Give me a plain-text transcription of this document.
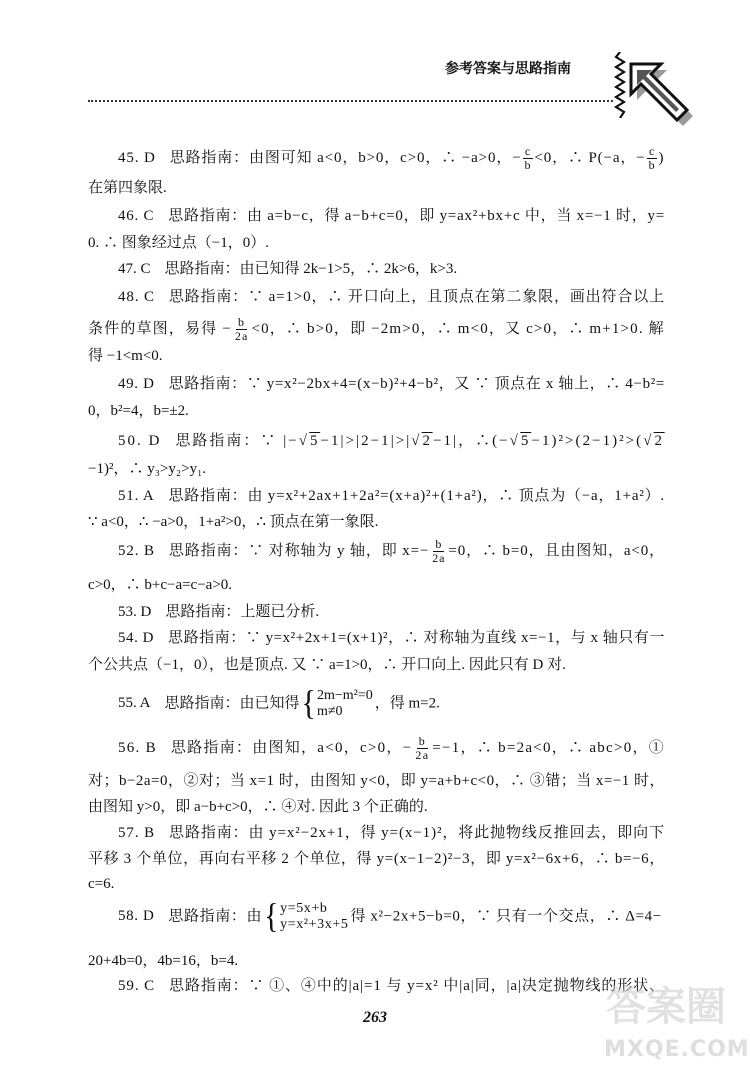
参考答案与思路指南
45. D 思路指南：由图可知 a<0，b>0，c>0，∴ −a>0，− $\frac{c}{b} <0$，∴ P(−a，− $\frac{c}{b}$ )
在第四象限.
46. C 思路指南：由 a=b−c，得 a−b+c=0，即 y=ax²+bx+c 中，当 x=−1 时，y=
0. ∴ 图象经过点（−1，0）.
47. C 思路指南：由已知得 2k−1>5，∴ 2k>6，k>3.
48. C 思路指南：∵ a=1>0，∴ 开口向上，且顶点在第二象限，画出符合以上
条件的草图，易得 − $\frac{b}{2a} <0$，∴ b>0，即 −2m>0，∴ m<0，又 c>0，∴ m+1>0. 解
得 −1<m<0.
49. D 思路指南：∵ y=x²−2bx+4=(x−b)²+4−b²，又 ∵ 顶点在 x 轴上，∴ 4−b²=
0，b²=4，b=±2.
50. D 思路指南：∵ |−√5−1|>|2−1|>|√2−1|，∴(−√5−1)²>(2−1)²>(√2
−1)²，∴ y₃>y₂>y₁.
51. A 思路指南：由 y=x²+2ax+1+2a²=(x+a)²+(1+a²)，∴ 顶点为（−a，1+a²）.
∵ a<0，∴ −a>0，1+a²>0，∴ 顶点在第一象限.
52. B 思路指南：∵ 对称轴为 y 轴，即 $x=- \frac{b}{2a} =0$，∴ b=0，且由图知，a<0，
c>0，∴ b+c−a=c−a>0.
53. D 思路指南：上题已分析.
54. D 思路指南：∵ y=x²+2x+1=(x+1)²，∴ 对称轴为直线 x=−1，与 x 轴只有一
个公共点（−1，0），也是顶点. 又 ∵ a=1>0，∴ 开口向上. 因此只有 D 对.
55. A 思路指南：由已知得 { 2m−m²=0
m≠0
，得 m=2.
56. B 思路指南：由图知，a<0，c>0，− $\frac{b}{2a} =-1$，∴ b=2a<0，∴ abc>0，①
对；b−2a=0，②对；当 x=1 时，由图知 y<0，即 y=a+b+c<0，∴ ③错；当 x=−1 时，
由图知 y>0，即 a−b+c>0，∴ ④对. 因此 3 个正确的.
57. B 思路指南：由 y=x²−2x+1，得 y=(x−1)²，将此抛物线反推回去，即向下
平移 3 个单位，再向右平移 2 个单位，得 y=(x−1−2)²−3，即 y=x²−6x+6，∴ b=−6，
c=6.
58. D 思路指南：由 { y=5x+b
y=x²+3x+5
得 x²−2x+5−b=0，∵ 只有一个交点，∴ Δ=4−
20+4b=0，4b=16，b=4.
59. C 思路指南：∵ ①、④中的|a|=1 与 y=x² 中|a|同，|a|决定抛物线的形状、
263	答案圈
MXQE.COM
